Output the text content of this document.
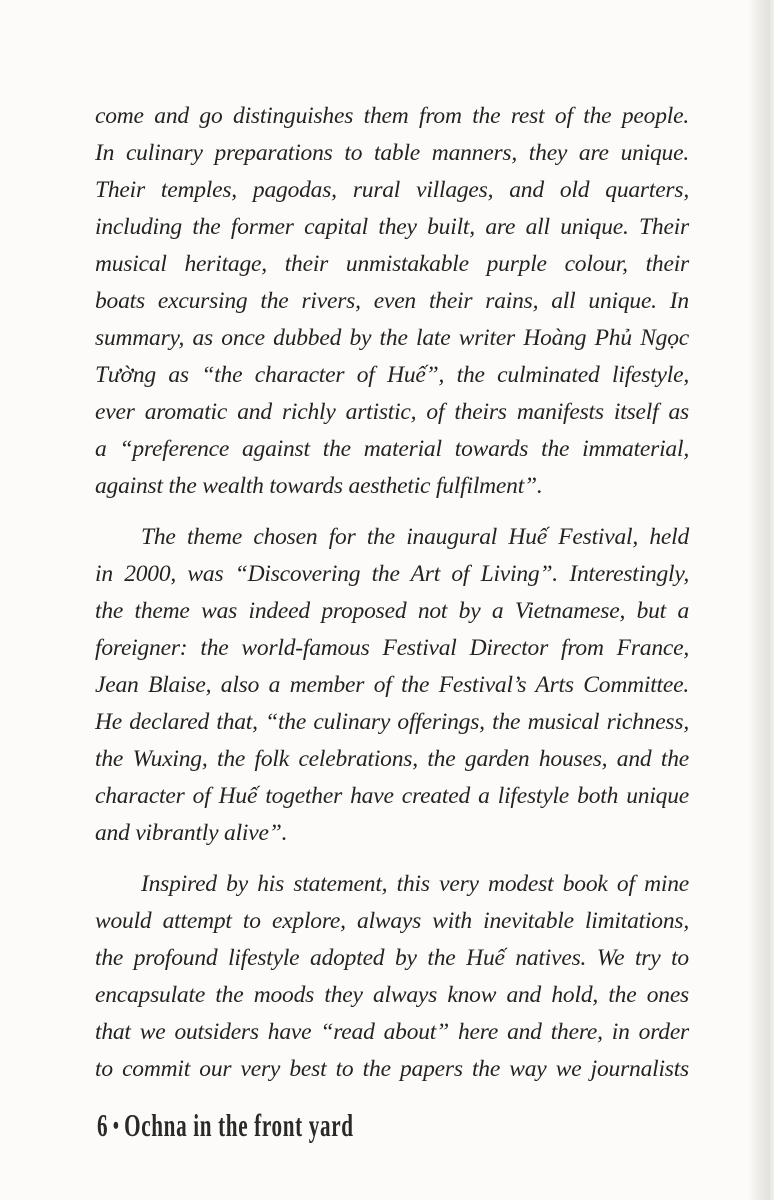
come and go distinguishes them from the rest of the people.
In culinary preparations to table manners, they are unique.
Their temples, pagodas, rural villages, and old quarters,
including the former capital they built, are all unique. Their
musical heritage, their unmistakable purple colour, their
boats excursing the rivers, even their rains, all unique. In
summary, as once dubbed by the late writer Hoàng Phủ Ngọc
Tường as “the character of Huế”, the culminated lifestyle,
ever aromatic and richly artistic, of theirs manifests itself as
a “preference against the material towards the immaterial,
against the wealth towards aesthetic fulfilment”.
The theme chosen for the inaugural Huế Festival, held
in 2000, was “Discovering the Art of Living”. Interestingly,
the theme was indeed proposed not by a Vietnamese, but a
foreigner: the world-famous Festival Director from France,
Jean Blaise, also a member of the Festival’s Arts Committee.
He declared that, “the culinary offerings, the musical richness,
the Wuxing, the folk celebrations, the garden houses, and the
character of Huế together have created a lifestyle both unique
and vibrantly alive”.
Inspired by his statement, this very modest book of mine
would attempt to explore, always with inevitable limitations,
the profound lifestyle adopted by the Huế natives. We try to
encapsulate the moods they always know and hold, the ones
that we outsiders have “read about” here and there, in order
to commit our very best to the papers the way we journalists
6 • Ochna in the front yard
